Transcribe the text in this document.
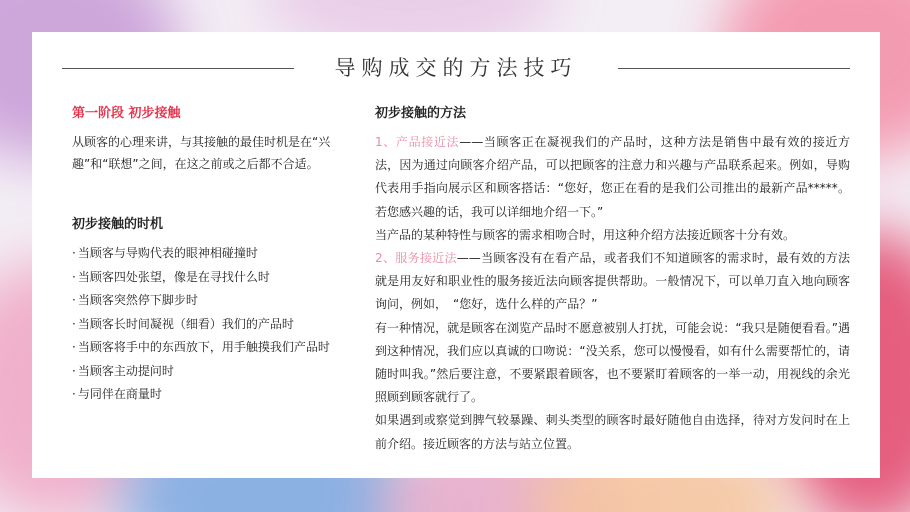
导购成交的方法技巧
第一阶段 初步接触

从顾客的心理来讲，与其接触的最佳时机是在“兴趣”和“联想”之间，在这之前或之后都不合适。

初步接触的时机
· 当顾客与导购代表的眼神相碰撞时
· 当顾客四处张望，像是在寻找什么时
· 当顾客突然停下脚步时
· 当顾客长时间凝视（细看）我们的产品时
· 当顾客将手中的东西放下，用手触摸我们产品时
· 当顾客主动提问时
· 与同伴在商量时
初步接触的方法

1、产品接近法——当顾客正在凝视我们的产品时，这种方法是销售中最有效的接近方法，因为通过向顾客介绍产品，可以把顾客的注意力和兴趣与产品联系起来。例如，导购代表用手指向展示区和顾客搭话：“您好，您正在看的是我们公司推出的最新产品*****。若您感兴趣的话，我可以详细地介绍一下。”

当产品的某种特性与顾客的需求相吻合时，用这种介绍方法接近顾客十分有效。

2、服务接近法——当顾客没有在看产品，或者我们不知道顾客的需求时，最有效的方法就是用友好和职业性的服务接近法向顾客提供帮助。一般情况下，可以单刀直入地向顾客询问，例如，　“您好，选什么样的产品？”

有一种情况，就是顾客在浏览产品时不愿意被别人打扰，可能会说：“我只是随便看看。”遇到这种情况，我们应以真诚的口吻说：“没关系，您可以慢慢看，如有什么需要帮忙的，请随时叫我。”然后要注意，不要紧跟着顾客，也不要紧盯着顾客的一举一动，用视线的余光照顾到顾客就行了。

如果遇到或察觉到脾气较暴躁、刺头类型的顾客时最好随他自由选择，待对方发问时在上前介绍。接近顾客的方法与站立位置。
